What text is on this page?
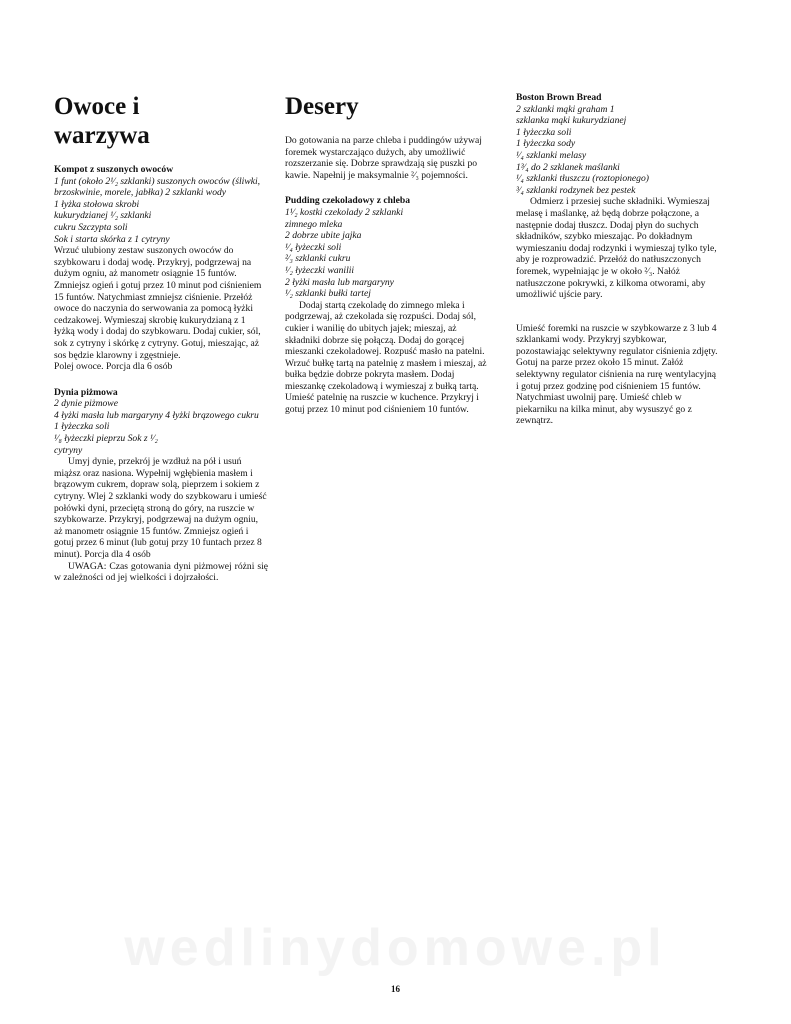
Owoce i
warzywa

Kompot z suszonych owoców

1 funt (około 2¹⁄₂ szklanki) suszonych owoców (śliwki, brzoskwinie, morele, jabłka) 2 szklanki wody

1 łyżka stołowa skrobi

kukurydzianej ¹⁄₂ szklanki

cukru Szczypta soli

Sok i starta skórka z 1 cytryny

Wrzuć ulubiony zestaw suszonych owoców do szybkowaru i dodaj wodę. Przykryj, podgrzewaj na dużym ogniu, aż manometr osiągnie 15 funtów. Zmniejsz ogień i gotuj przez 10 minut pod ciśnieniem 15 funtów. Natychmiast zmniejsz ciśnienie. Przełóż owoce do naczynia do serwowania za pomocą łyżki cedzakowej. Wymieszaj skrobię kukurydzianą z 1 łyżką wody i dodaj do szybkowaru. Dodaj cukier, sól, sok z cytryny i skórkę z cytryny. Gotuj, mieszając, aż sos będzie klarowny i zgęstnieje.

Polej owoce. Porcja dla 6 osób

Dynia piżmowa

2 dynie piżmowe

4 łyżki masła lub margaryny 4 łyżki brązowego cukru

1 łyżeczka soli

¹⁄₈ łyżeczki pieprzu Sok z ¹⁄₂

cytryny

Umyj dynie, przekrój je wzdłuż na pół i usuń miąższ oraz nasiona. Wypełnij wgłębienia masłem i brązowym cukrem, dopraw solą, pieprzem i sokiem z cytryny. Wlej 2 szklanki wody do szybkowaru i umieść połówki dyni, przeciętą stroną do góry, na ruszcie w szybkowarze. Przykryj, podgrzewaj na dużym ogniu, aż manometr osiągnie 15 funtów. Zmniejsz ogień i gotuj przez 6 minut (lub gotuj przy 10 funtach przez 8 minut). Porcja dla 4 osób

UWAGA: Czas gotowania dyni piżmowej różni się w zależności od jej wielkości i dojrzałości.

Desery

Do gotowania na parze chleba i puddingów używaj foremek wystarczająco dużych, aby umożliwić rozszerzanie się. Dobrze sprawdzają się puszki po kawie. Napełnij je maksymalnie ²⁄₃ pojemności.

Pudding czekoladowy z chleba

1¹⁄₂ kostki czekolady 2 szklanki

zimnego mleka

2 dobrze ubite jajka

¹⁄₄ łyżeczki soli

²⁄₃ szklanki cukru

¹⁄₂ łyżeczki wanilii

2 łyżki masła lub margaryny

¹⁄₂ szklanki bułki tartej

Dodaj startą czekoladę do zimnego mleka i podgrzewaj, aż czekolada się rozpuści. Dodaj sól, cukier i wanilię do ubitych jajek; mieszaj, aż składniki dobrze się połączą. Dodaj do gorącej mieszanki czekoladowej. Rozpuść masło na patelni. Wrzuć bułkę tartą na patelnię z masłem i mieszaj, aż bułka będzie dobrze pokryta masłem. Dodaj mieszankę czekoladową i wymieszaj z bułką tartą. Umieść patelnię na ruszcie w kuchence. Przykryj i gotuj przez 10 minut pod ciśnieniem 10 funtów.

Boston Brown Bread

2 szklanki mąki graham 1

szklanka mąki kukurydzianej

1 łyżeczka soli

1 łyżeczka sody

¹⁄₄ szklanki melasy

1³⁄₄ do 2 szklanek maślanki

¹⁄₄ szklanki tłuszczu (roztopionego)

³⁄₄ szklanki rodzynek bez pestek

Odmierz i przesiej suche składniki. Wymieszaj melasę i maślankę, aż będą dobrze połączone, a następnie dodaj tłuszcz. Dodaj płyn do suchych składników, szybko mieszając. Po dokładnym wymieszaniu dodaj rodzynki i wymieszaj tylko tyle, aby je rozprowadzić. Przełóż do natłuszczonych foremek, wypełniając je w około ²⁄₃. Nałóż natłuszczone pokrywki, z kilkoma otworami, aby umożliwić ujście pary.

Umieść foremki na ruszcie w szybkowarze z 3 lub 4 szklankami wody. Przykryj szybkowar, pozostawiając selektywny regulator ciśnienia zdjęty. Gotuj na parze przez około 15 minut. Załóż selektywny regulator ciśnienia na rurę wentylacyjną i gotuj przez godzinę pod ciśnieniem 15 funtów. Natychmiast uwolnij parę. Umieść chleb w piekarniku na kilka minut, aby wysuszyć go z zewnątrz.

wedlinydomowe.pl
16
